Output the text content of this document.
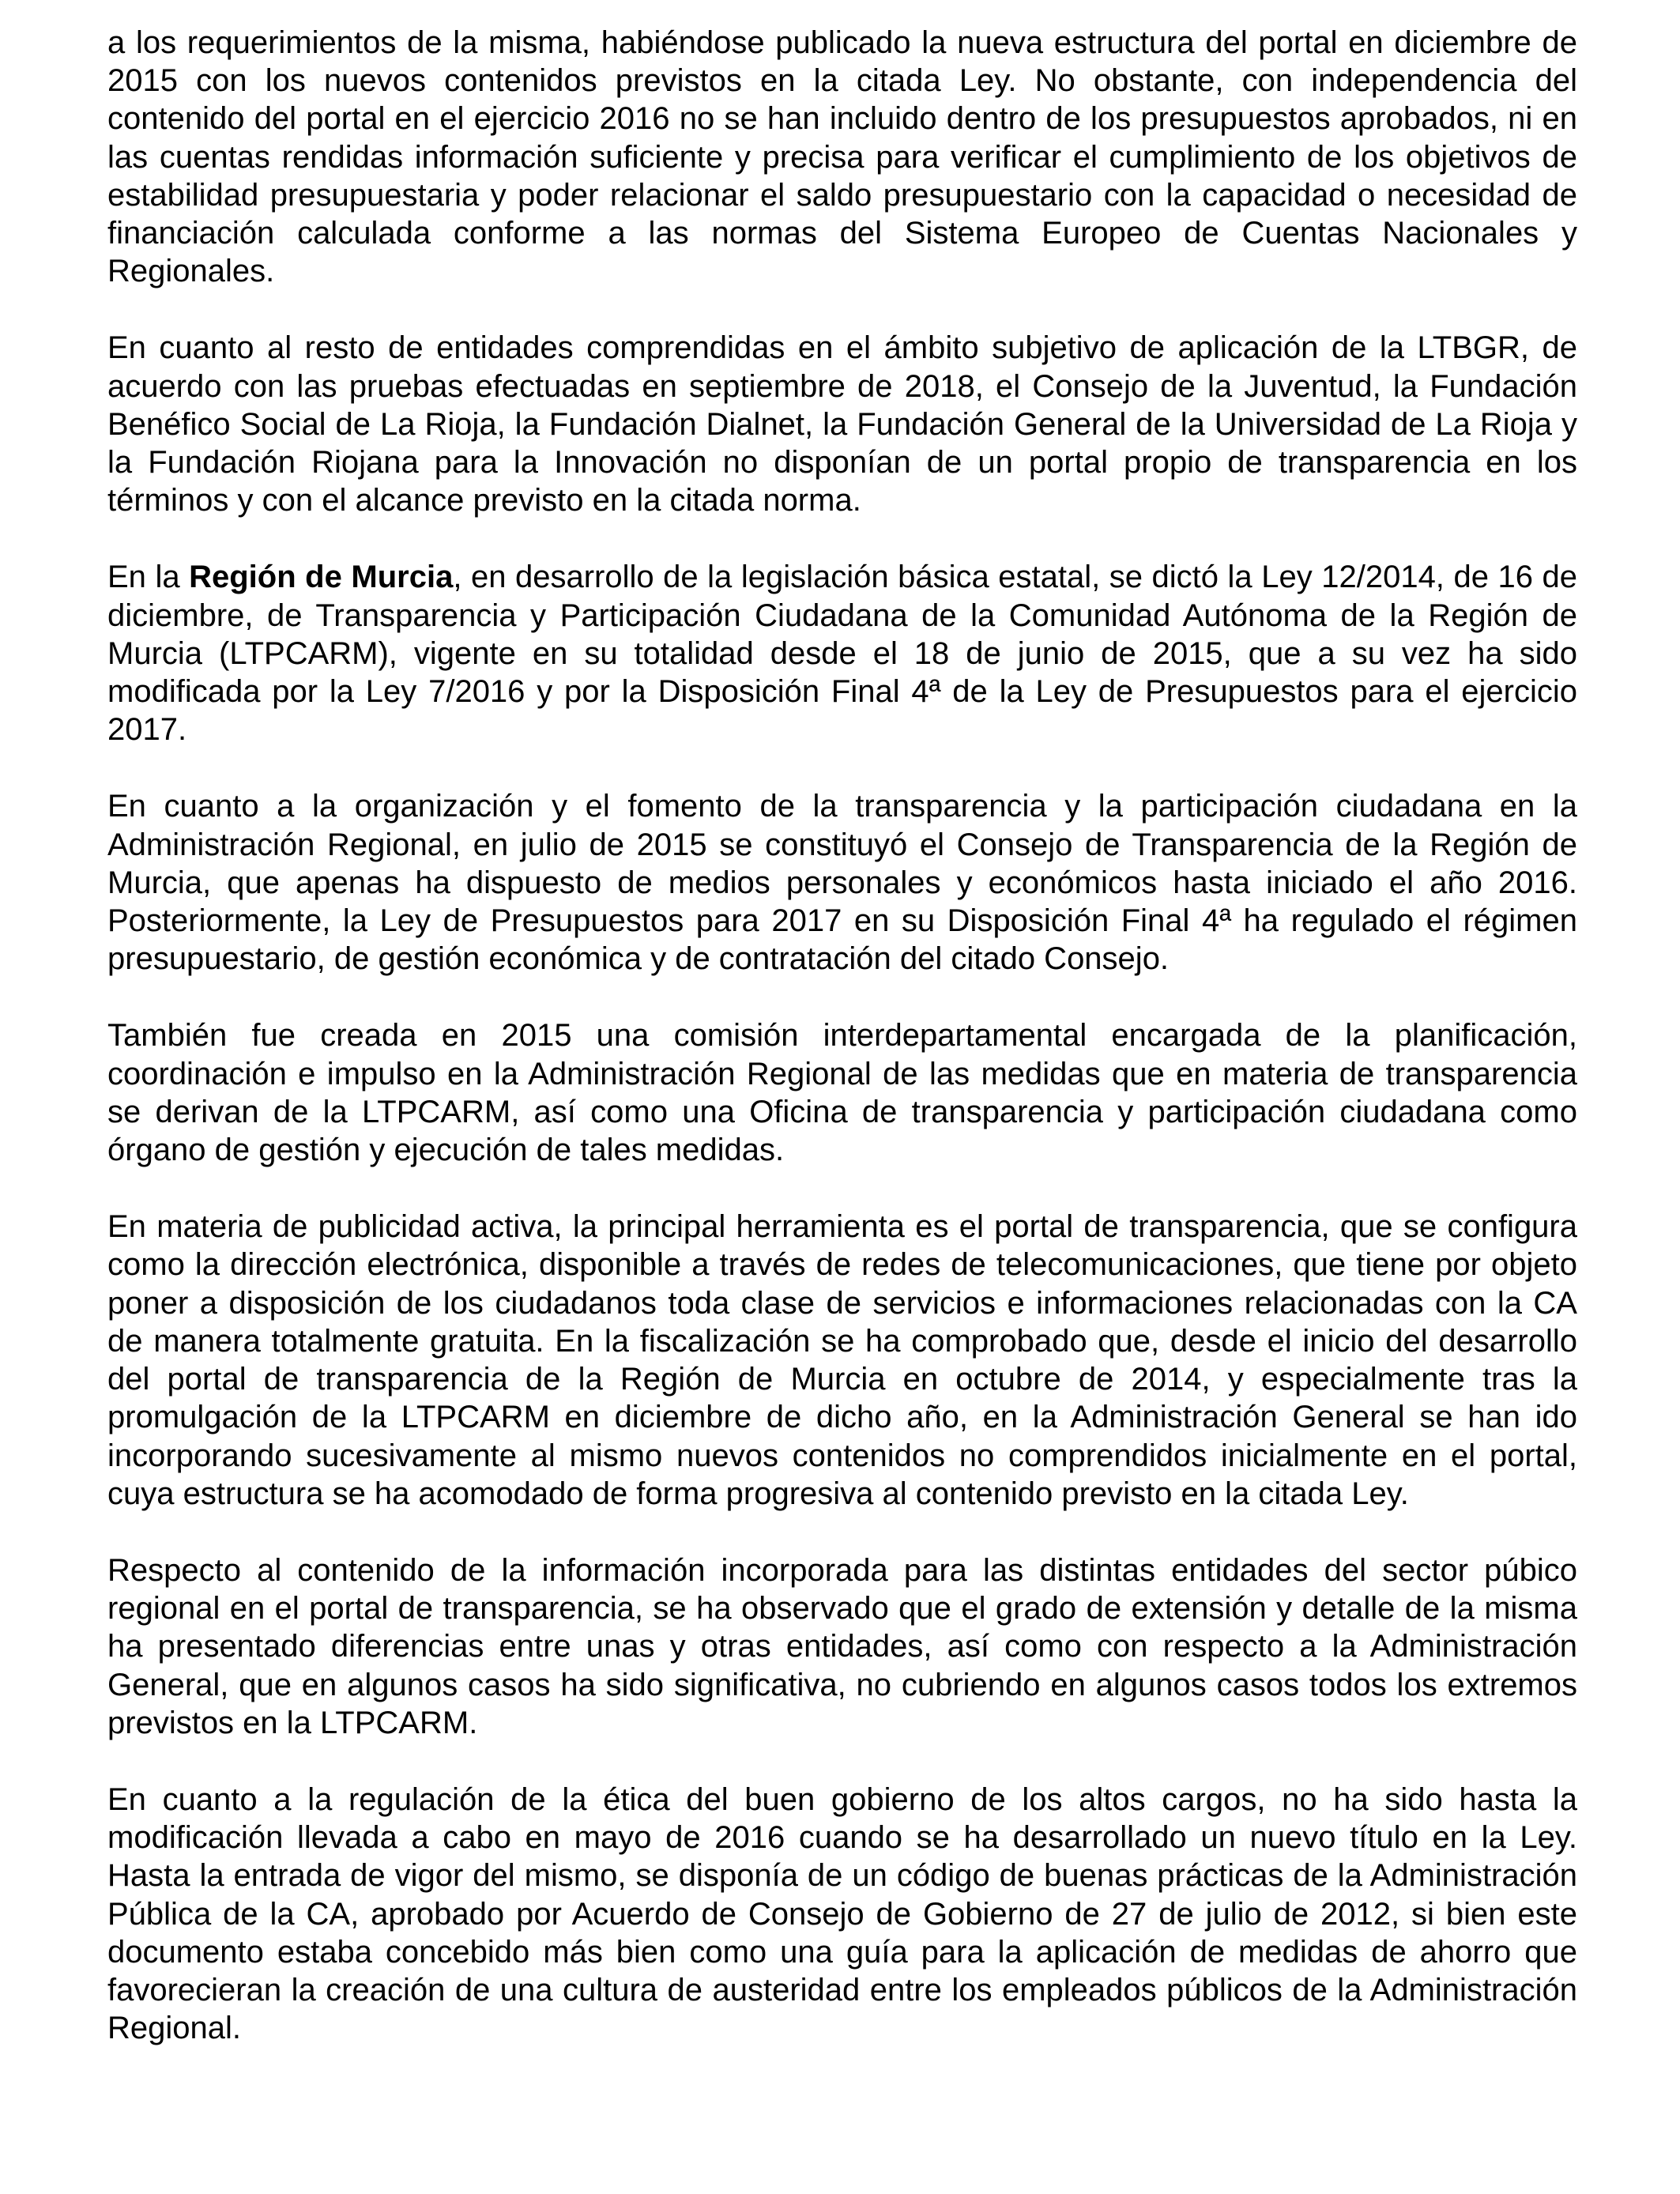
a los requerimientos de la misma, habiéndose publicado la nueva estructura del portal en diciembre de 2015 con los nuevos contenidos previstos en la citada Ley. No obstante, con independencia del contenido del portal en el ejercicio 2016 no se han incluido dentro de los presupuestos aprobados, ni en las cuentas rendidas información suficiente y precisa para verificar el cumplimiento de los objetivos de estabilidad presupuestaria y poder relacionar el saldo presupuestario con la capacidad o necesidad de financiación calculada conforme a las normas del Sistema Europeo de Cuentas Nacionales y Regionales.

En cuanto al resto de entidades comprendidas en el ámbito subjetivo de aplicación de la LTBGR, de acuerdo con las pruebas efectuadas en septiembre de 2018, el Consejo de la Juventud, la Fundación Benéfico Social de La Rioja, la Fundación Dialnet, la Fundación General de la Universidad de La Rioja y la Fundación Riojana para la Innovación no disponían de un portal propio de transparencia en los términos y con el alcance previsto en la citada norma.

En la Región de Murcia, en desarrollo de la legislación básica estatal, se dictó la Ley 12/2014, de 16 de diciembre, de Transparencia y Participación Ciudadana de la Comunidad Autónoma de la Región de Murcia (LTPCARM), vigente en su totalidad desde el 18 de junio de 2015, que a su vez ha sido modificada por la Ley 7/2016 y por la Disposición Final 4ª de la Ley de Presupuestos para el ejercicio 2017.

En cuanto a la organización y el fomento de la transparencia y la participación ciudadana en la Administración Regional, en julio de 2015 se constituyó el Consejo de Transparencia de la Región de Murcia, que apenas ha dispuesto de medios personales y económicos hasta iniciado el año 2016. Posteriormente, la Ley de Presupuestos para 2017 en su Disposición Final 4ª ha regulado el régimen presupuestario, de gestión económica y de contratación del citado Consejo.

También fue creada en 2015 una comisión interdepartamental encargada de la planificación, coordinación e impulso en la Administración Regional de las medidas que en materia de transparencia se derivan de la LTPCARM, así como una Oficina de transparencia y participación ciudadana como órgano de gestión y ejecución de tales medidas.

En materia de publicidad activa, la principal herramienta es el portal de transparencia, que se configura como la dirección electrónica, disponible a través de redes de telecomunicaciones, que tiene por objeto poner a disposición de los ciudadanos toda clase de servicios e informaciones relacionadas con la CA de manera totalmente gratuita. En la fiscalización se ha comprobado que, desde el inicio del desarrollo del portal de transparencia de la Región de Murcia en octubre de 2014, y especialmente tras la promulgación de la LTPCARM en diciembre de dicho año, en la Administración General se han ido incorporando sucesivamente al mismo nuevos contenidos no comprendidos inicialmente en el portal, cuya estructura se ha acomodado de forma progresiva al contenido previsto en la citada Ley.

Respecto al contenido de la información incorporada para las distintas entidades del sector púbico regional en el portal de transparencia, se ha observado que el grado de extensión y detalle de la misma ha presentado diferencias entre unas y otras entidades, así como con respecto a la Administración General, que en algunos casos ha sido significativa, no cubriendo en algunos casos todos los extremos previstos en la LTPCARM.

En cuanto a la regulación de la ética del buen gobierno de los altos cargos, no ha sido hasta la modificación llevada a cabo en mayo de 2016 cuando se ha desarrollado un nuevo título en la Ley. Hasta la entrada de vigor del mismo, se disponía de un código de buenas prácticas de la Administración Pública de la CA, aprobado por Acuerdo de Consejo de Gobierno de 27 de julio de 2012, si bien este documento estaba concebido más bien como una guía para la aplicación de medidas de ahorro que favorecieran la creación de una cultura de austeridad entre los empleados públicos de la Administración Regional.
